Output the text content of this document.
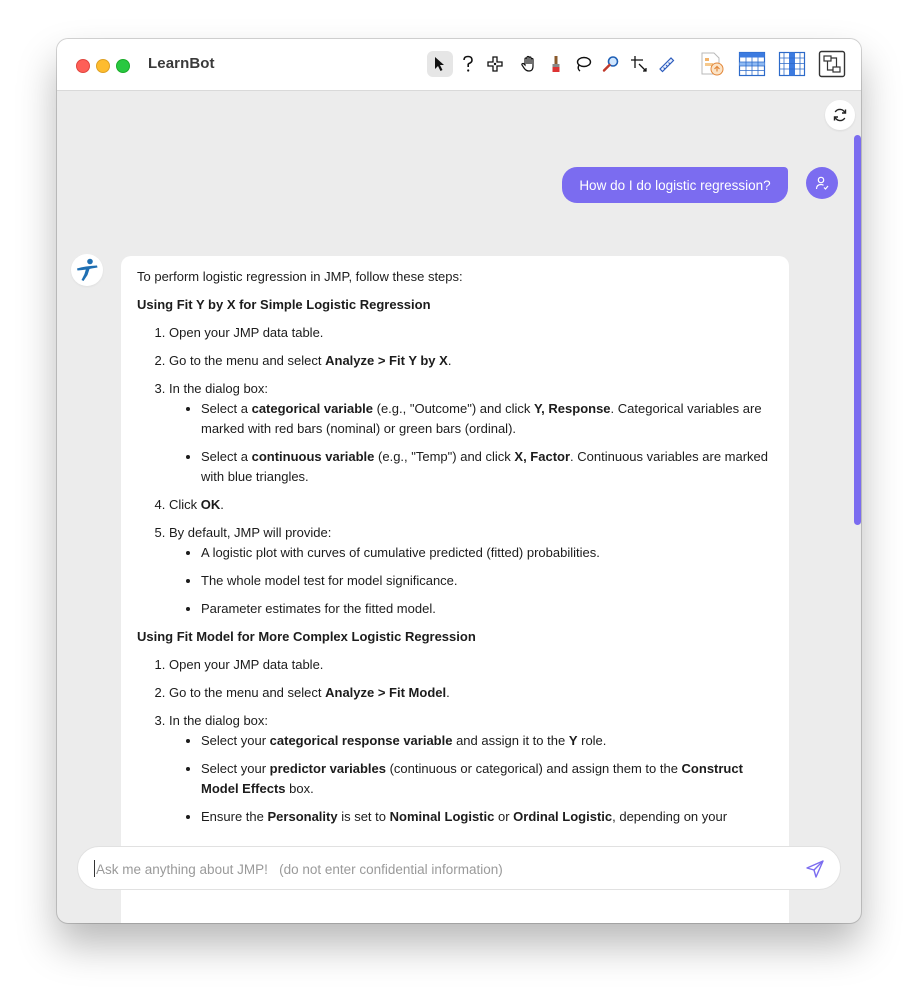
LearnBot
How do I do logistic regression?

To perform logistic regression in JMP, follow these steps:

Using Fit Y by X for Simple Logistic Regression
1. Open your JMP data table.
2. Go to the menu and select Analyze > Fit Y by X.
3. In the dialog box:
• Select a categorical variable (e.g., "Outcome") and click Y, Response. Categorical variables are marked with red bars (nominal) or green bars (ordinal).
• Select a continuous variable (e.g., "Temp") and click X, Factor. Continuous variables are marked with blue triangles.
4. Click OK.
5. By default, JMP will provide:
• A logistic plot with curves of cumulative predicted (fitted) probabilities.
• The whole model test for model significance.
• Parameter estimates for the fitted model.
Using Fit Model for More Complex Logistic Regression
1. Open your JMP data table.
2. Go to the menu and select Analyze > Fit Model.
3. In the dialog box:
• Select your categorical response variable and assign it to the Y role.
• Select your predictor variables (continuous or categorical) and assign them to the Construct Model Effects box.
• Ensure the Personality is set to Nominal Logistic or Ordinal Logistic, depending on your
Ask me anything about JMP! (do not enter confidential information)
